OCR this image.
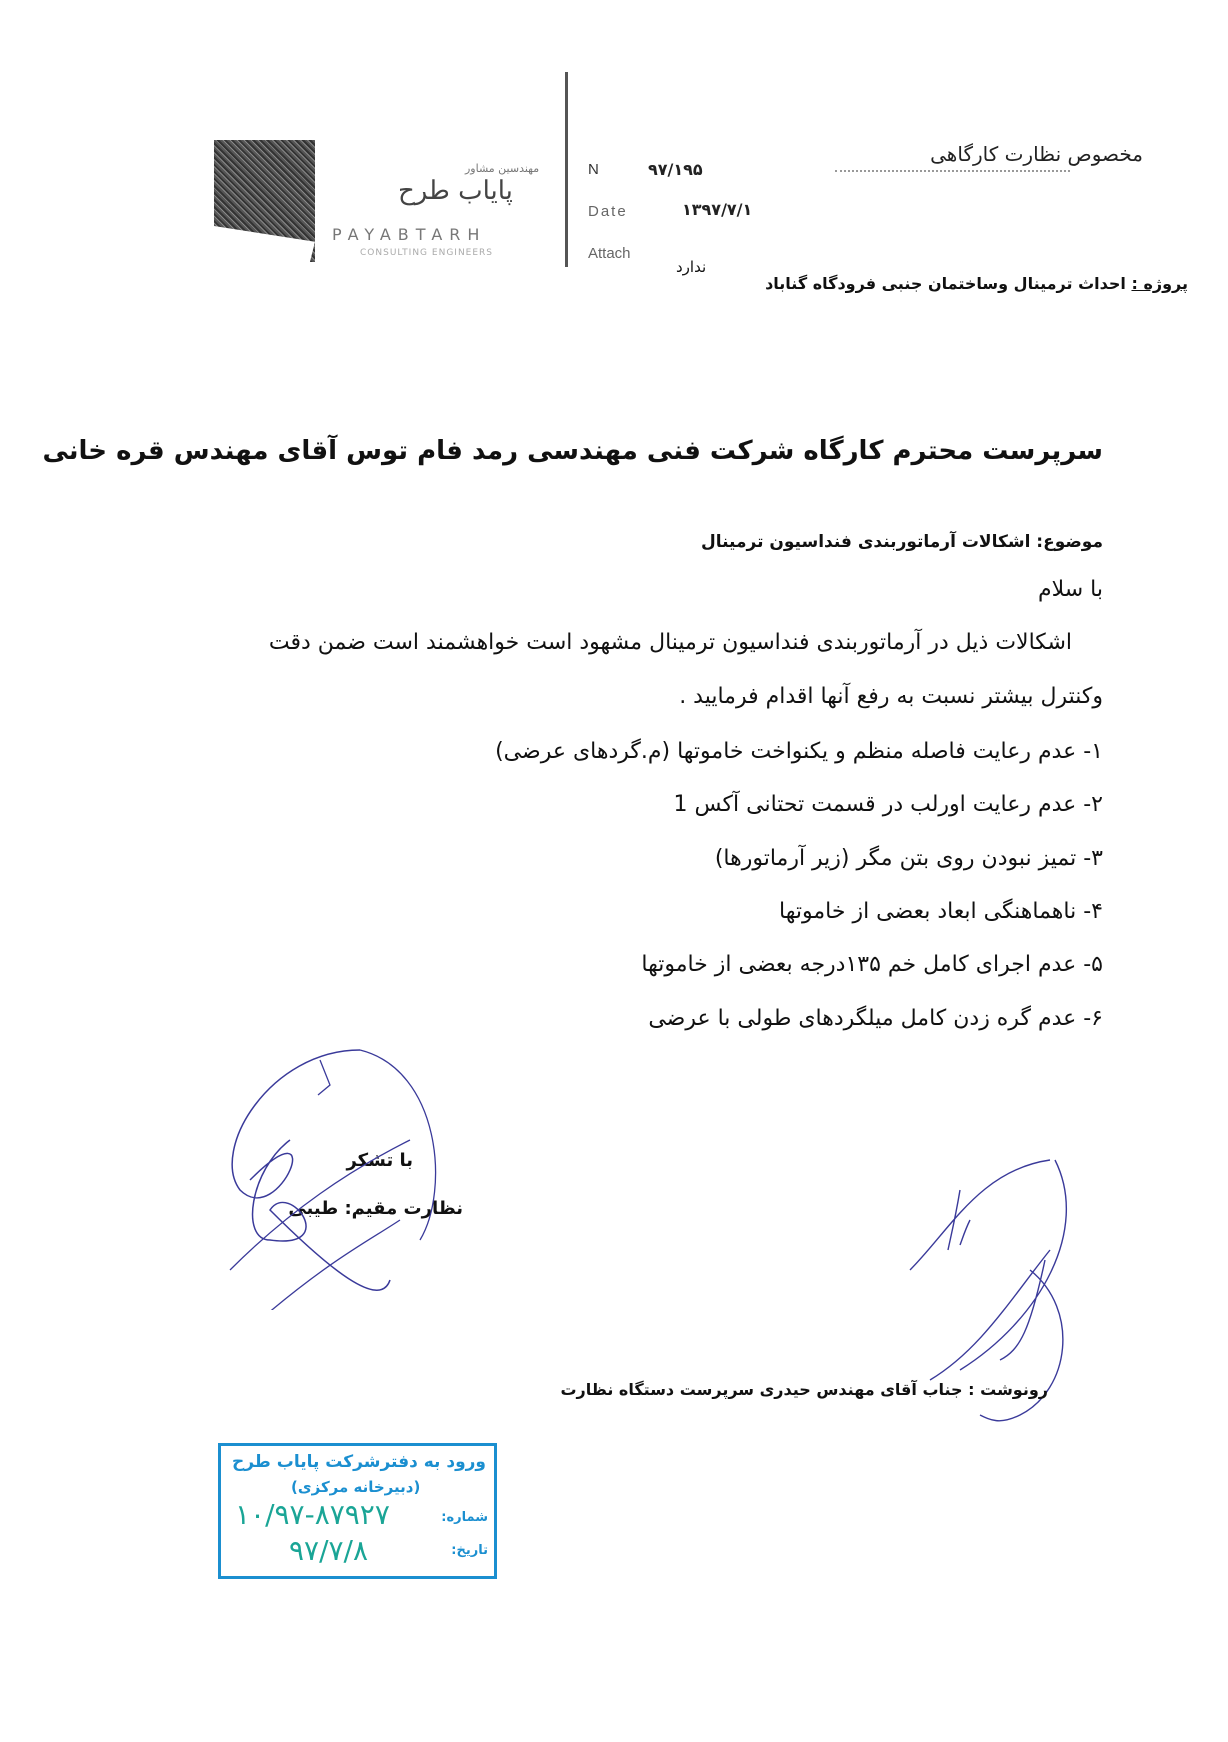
مهندسین مشاور
پایاب طرح
PAYABTARH
CONSULTING ENGINEERS
N	۹۷/۱۹۵
Date	۱۳۹۷/۷/۱
Attach
ندارد
مخصوص نظارت کارگاهی
پروژه : احداث ترمینال وساختمان جنبی فرودگاه گناباد
سرپرست محترم کارگاه شرکت فنی مهندسی رمد فام توس آقای مهندس قره خانی
موضوع: اشکالات آرماتوربندی فنداسیون ترمینال
با سلام
اشکالات ذیل در آرماتوربندی فنداسیون ترمینال مشهود است خواهشمند است ضمن دقت
وکنترل بیشتر نسبت به رفع آنها اقدام فرمایید .
۱- عدم رعایت فاصله منظم و یکنواخت خاموتها (م.گردهای عرضی)
۲- عدم رعایت اورلب در قسمت تحتانی آکس 1
۳- تمیز نبودن روی بتن مگر (زیر آرماتورها)
۴- ناهماهنگی ابعاد بعضی از خاموتها
۵- عدم اجرای کامل خم ۱۳۵درجه بعضی از خاموتها
۶- عدم گره زدن کامل میلگردهای طولی با عرضی
با تشکر
نظارت مقیم: طیبی
رونوشت : جناب آقای مهندس حیدری سرپرست دستگاه نظارت
ورود به دفترشرکت پایاب طرح
(دبیرخانه مرکزی)
شماره:
۱۰/۹۷-۸۷۹۲۷
تاریخ:
۹۷/۷/۸
